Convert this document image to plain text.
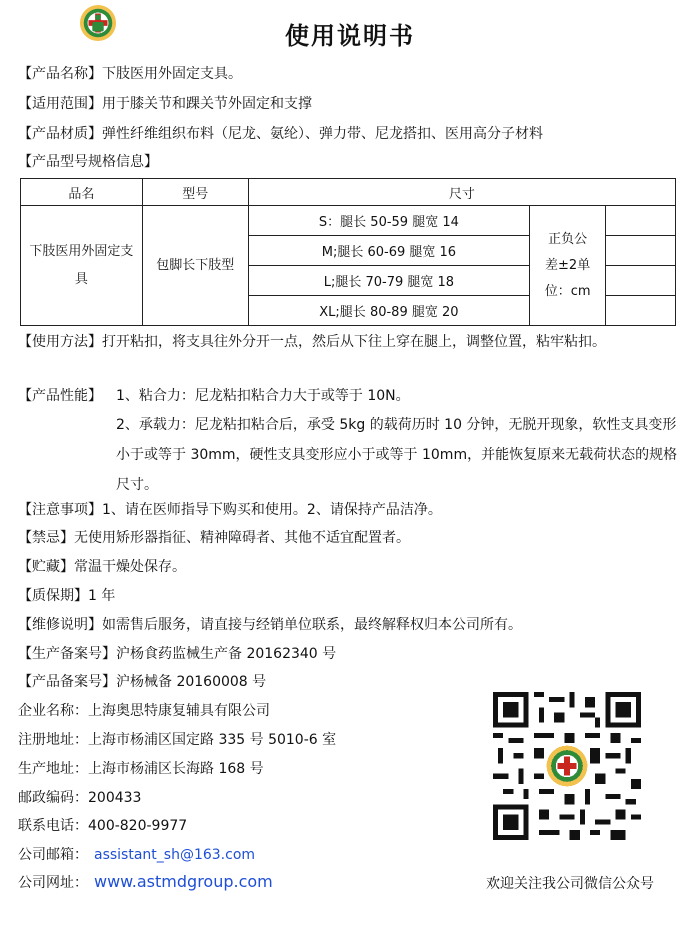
使用说明书
【产品名称】下肢医用外固定支具。
【适用范围】用于膝关节和踝关节外固定和支撑
【产品材质】弹性纤维组织布料（尼龙、氨纶）、弹力带、尼龙搭扣、医用高分子材料
【产品型号规格信息】
品名	型号	尺寸		
下肢医用外固定支具	包脚长下肢型	S：腿长 50-59 腿宽 14	正负公差±2单位：cm	
		M;腿长 60-69 腿宽 16		
		L;腿长 70-79 腿宽 18		
		XL;腿长 80-89 腿宽 20		
【使用方法】打开粘扣，将支具往外分开一点，然后从下往上穿在腿上，调整位置，粘牢粘扣。
【产品性能】 1、粘合力：尼龙粘扣粘合力大于或等于 10N。
2、承载力：尼龙粘扣粘合后，承受 5kg 的载荷历时 10 分钟，无脱开现象，软性支具变形小于或等于 30mm，硬性支具变形应小于或等于 10mm，并能恢复原来无载荷状态的规格尺寸。
【注意事项】1、请在医师指导下购买和使用。2、请保持产品洁净。
【禁忌】无使用矫形器指征、精神障碍者、其他不适宜配置者。
【贮藏】常温干燥处保存。
【质保期】1 年
【维修说明】如需售后服务，请直接与经销单位联系，最终解释权归本公司所有。
【生产备案号】沪杨食药监械生产备 20162340 号
【产品备案号】沪杨械备 20160008 号
企业名称：上海奥思特康复辅具有限公司
注册地址：上海市杨浦区国定路 335 号 5010-6 室
生产地址：上海市杨浦区长海路 168 号
邮政编码：200433
联系电话：400-820-9977
公司邮箱： assistant_sh@163.com
公司网址： www.astmdgroup.com	欢迎关注我公司微信公众号
